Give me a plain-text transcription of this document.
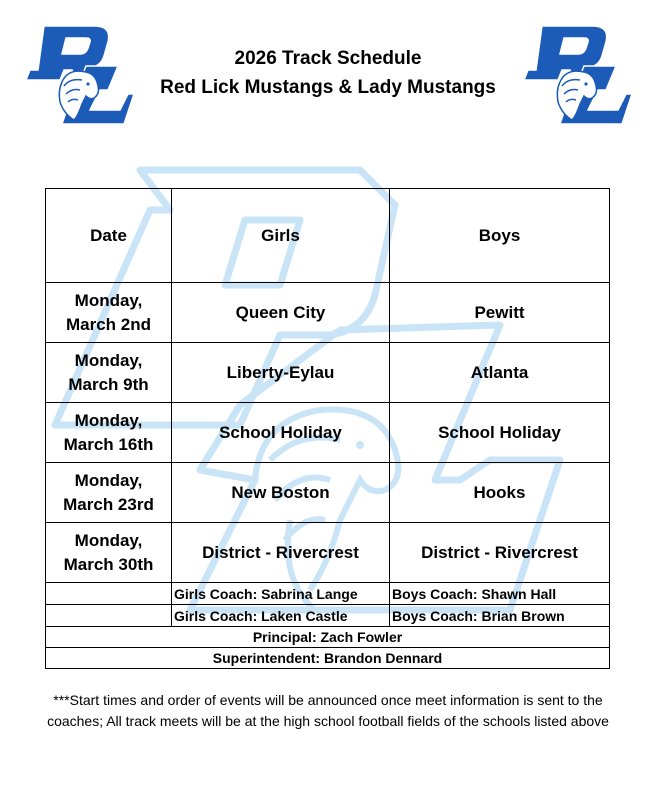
2026 Track Schedule
Red Lick Mustangs & Lady Mustangs
Date	Girls	Boys

Monday,
March 2nd	Queen City	Pewitt

Monday,
March 9th	Liberty-Eylau	Atlanta

Monday,
March 16th	School Holiday	School Holiday

Monday,
March 23rd	New Boston	Hooks

Monday,
March 30th	District - Rivercrest	District - Rivercrest
	Girls Coach: Sabrina Lange	Boys Coach: Shawn Hall
	Girls Coach: Laken Castle	Boys Coach: Brian Brown
Principal: Zach Fowler		
Superintendent: Brandon Dennard		
***Start times and order of events will be announced once meet information is sent to the coaches; All track meets will be at the high school football fields of the schools listed above
